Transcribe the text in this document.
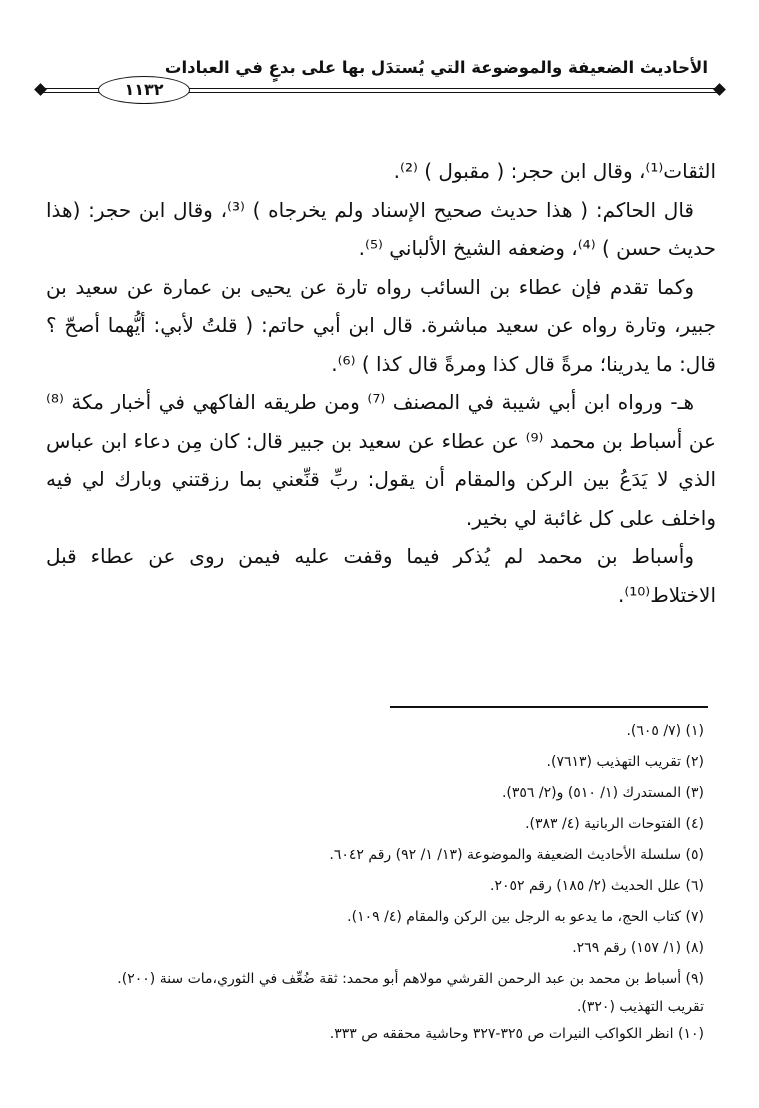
الأحاديث الضعيفة والموضوعة التي يُستدَل بها على بدعٍ في العبادات
١١٣٢

الثقات⁽¹⁾، وقال ابن حجر: ( مقبول ) ⁽²⁾.

قال الحاكم: ( هذا حديث صحيح الإسناد ولم يخرجاه ) ⁽³⁾، وقال ابن حجر: (هذا حديث حسن ) ⁽⁴⁾، وضعفه الشيخ الألباني ⁽⁵⁾.

وكما تقدم فإن عطاء بن السائب رواه تارة عن يحيى بن عمارة عن سعيد بن جبير، وتارة رواه عن سعيد مباشرة. قال ابن أبي حاتم: ( قلتُ لأبي: أيُّهما أصحّ ؟ قال: ما يدرينا؛ مرةً قال كذا ومرةً قال كذا ) ⁽⁶⁾.

هـ- ورواه ابن أبي شيبة في المصنف ⁽⁷⁾ ومن طريقه الفاكهي في أخبار مكة ⁽⁸⁾ عن أسباط بن محمد ⁽⁹⁾ عن عطاء عن سعيد بن جبير قال: كان مِن دعاء ابن عباس الذي لا يَدَعُ بين الركن والمقام أن يقول: ربِّ قنِّعني بما رزقتني وبارك لي فيه واخلف على كل غائبة لي بخير.

وأسباط بن محمد لم يُذكر فيما وقفت عليه فيمن روى عن عطاء قبل الاختلاط⁽¹⁰⁾.

(١) (٧/ ٦٠٥).

(٢) تقريب التهذيب (٧٦١٣).

(٣) المستدرك (١/ ٥١٠) و(٢/ ٣٥٦).

(٤) الفتوحات الربانية (٤/ ٣٨٣).

(٥) سلسلة الأحاديث الضعيفة والموضوعة (١٣/ ١/ ٩٢) رقم ٦٠٤٢.

(٦) علل الحديث (٢/ ١٨٥) رقم ٢٠٥٢.

(٧) كتاب الحج، ما يدعو به الرجل بين الركن والمقام (٤/ ١٠٩).

(٨) (١/ ١٥٧) رقم ٢٦٩.

(٩) أسباط بن محمد بن عبد الرحمن القرشي مولاهم أبو محمد: ثقة ضُعِّف في الثوري،مات سنة (٢٠٠).

تقريب التهذيب (٣٢٠).

(١٠) انظر الكواكب النيرات ص ٣٢٥-٣٢٧ وحاشية محققه ص ٣٣٣.
